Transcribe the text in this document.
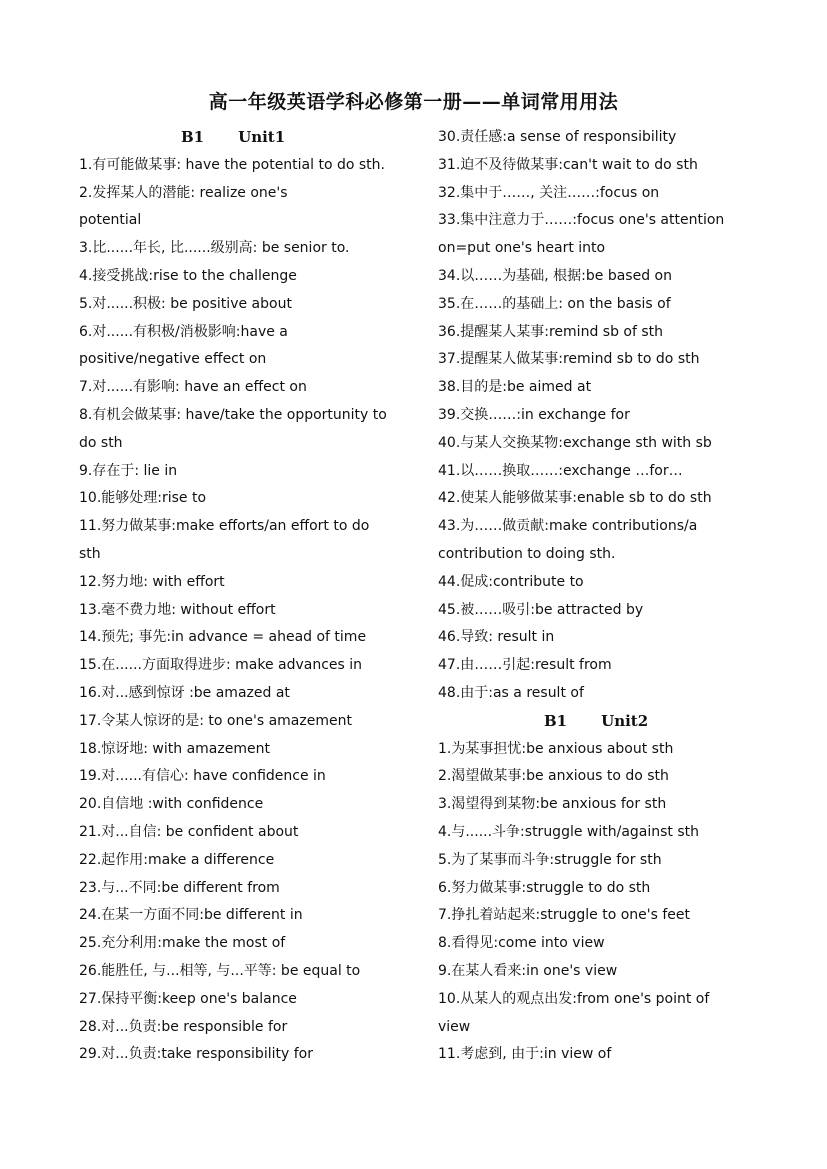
高一年级英语学科必修第一册——单词常用用法
B1 Unit1
1.有可能做某事: have the potential to do sth.
2.发挥某人的潜能: realize one's
potential
3.比......年长, 比......级别高: be senior to.
4.接受挑战:rise to the challenge
5.对......积极: be positive about
6.对......有积极/消极影响:have a
positive/negative effect on
7.对......有影响: have an effect on
8.有机会做某事: have/take the opportunity to
do sth
9.存在于: lie in
10.能够处理:rise to
11.努力做某事:make efforts/an effort to do
sth
12.努力地: with effort
13.毫不费力地: without effort
14.预先; 事先:in advance = ahead of time
15.在......方面取得进步: make advances in
16.对...感到惊讶 :be amazed at
17.令某人惊讶的是: to one's amazement
18.惊讶地: with amazement
19.对......有信心: have confidence in
20.自信地 :with confidence
21.对...自信: be confident about
22.起作用:make a difference
23.与...不同:be different from
24.在某一方面不同:be different in
25.充分利用:make the most of
26.能胜任, 与...相等, 与...平等: be equal to
27.保持平衡:keep one's balance
28.对...负责:be responsible for
29.对...负责:take responsibility for
30.责任感:a sense of responsibility
31.迫不及待做某事:can't wait to do sth
32.集中于……, 关注……:focus on
33.集中注意力于……:focus one's attention
on=put one's heart into
34.以……为基础, 根据:be based on
35.在……的基础上: on the basis of
36.提醒某人某事:remind sb of sth
37.提醒某人做某事:remind sb to do sth
38.目的是:be aimed at
39.交换……:in exchange for
40.与某人交换某物:exchange sth with sb
41.以……换取……:exchange …for…
42.使某人能够做某事:enable sb to do sth
43.为……做贡献:make contributions/a
contribution to doing sth.
44.促成:contribute to
45.被……吸引:be attracted by
46.导致: result in
47.由……引起:result from
48.由于:as a result of
B1 Unit2
1.为某事担忧:be anxious about sth
2.渴望做某事:be anxious to do sth
3.渴望得到某物:be anxious for sth
4.与......斗争:struggle with/against sth
5.为了某事而斗争:struggle for sth
6.努力做某事:struggle to do sth
7.挣扎着站起来:struggle to one's feet
8.看得见:come into view
9.在某人看来:in one's view
10.从某人的观点出发:from one's point of
view
11.考虑到, 由于:in view of
